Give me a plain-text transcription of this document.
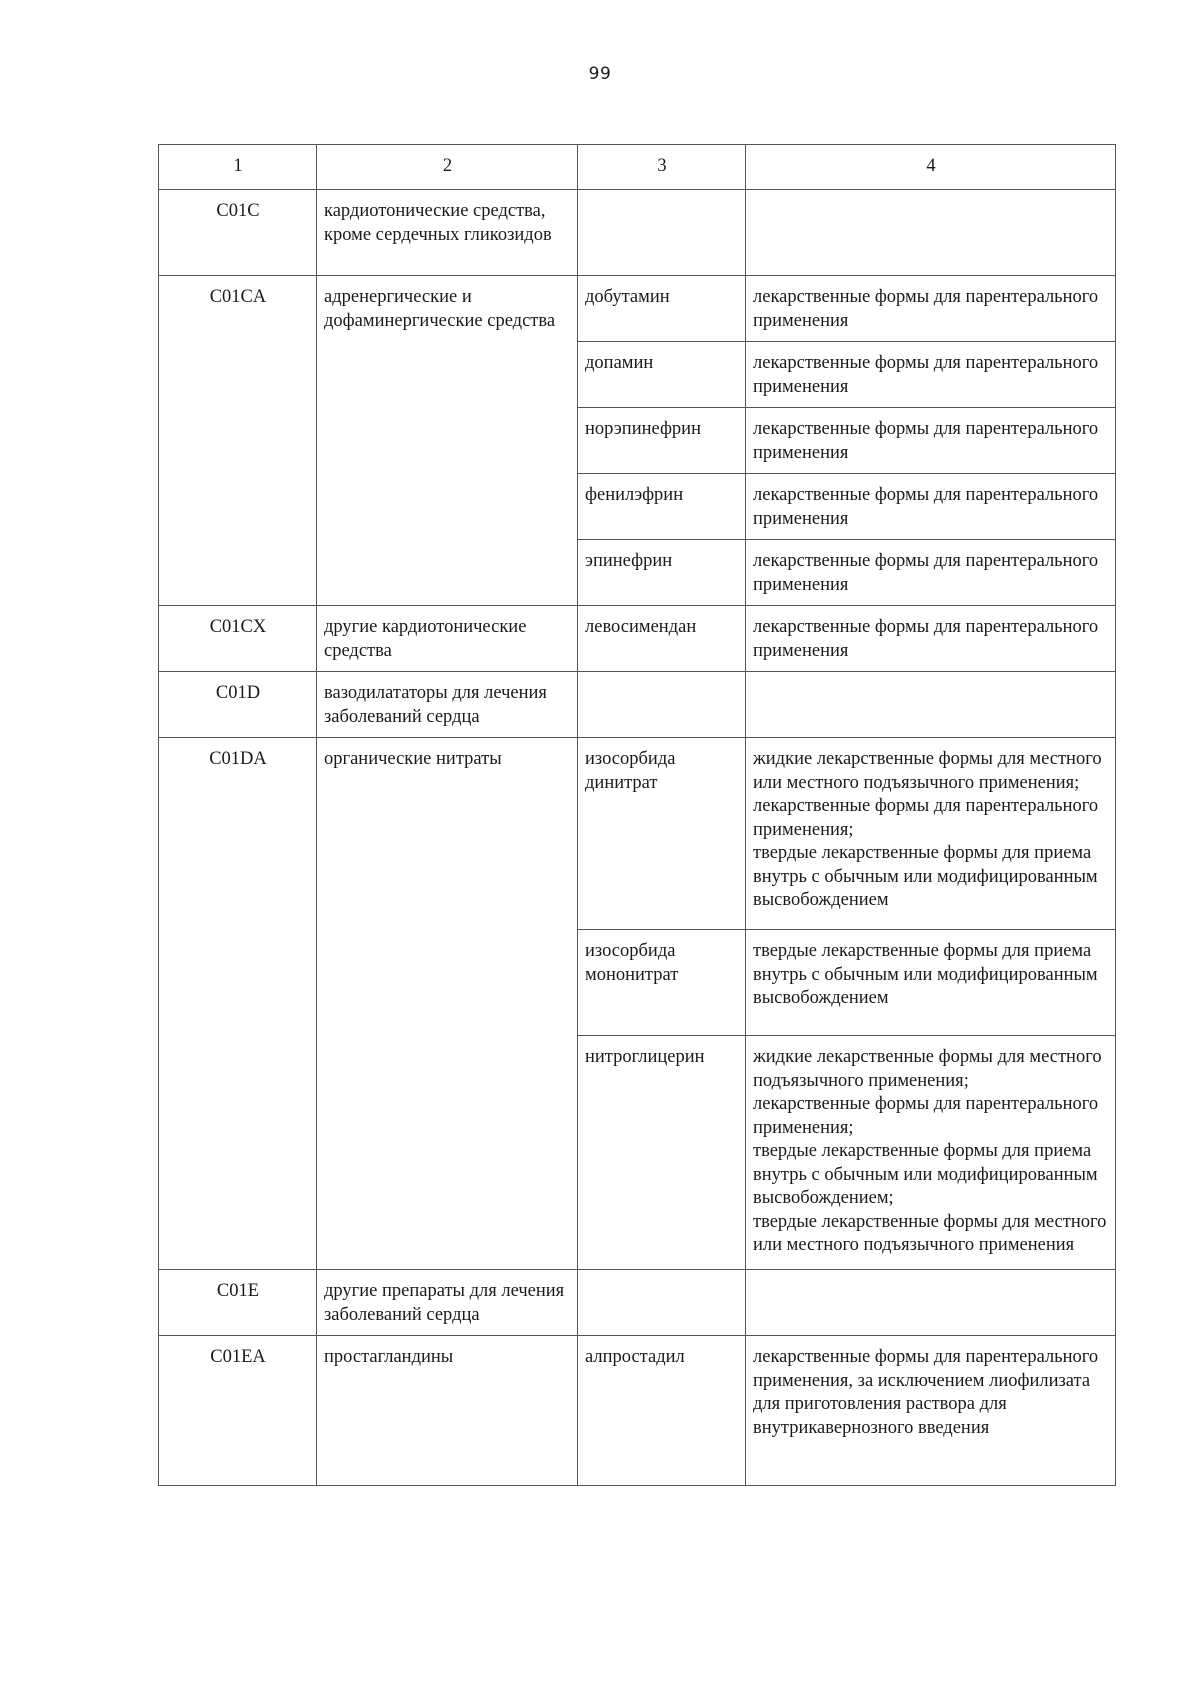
99
1	2	3	4
C01C	кардиотонические средства, кроме сердечных гликозидов		
C01CA	адренергические и дофаминергические средства	добутамин	лекарственные формы для парентерального применения
		допамин	лекарственные формы для парентерального применения
		норэпинефрин	лекарственные формы для парентерального применения
		фенилэфрин	лекарственные формы для парентерального применения
		эпинефрин	лекарственные формы для парентерального применения
C01CX	другие кардиотонические средства	левосимендан	лекарственные формы для парентерального применения
C01D	вазодилататоры для лечения заболеваний сердца		
C01DA	органические нитраты	изосорбида динитрат	жидкие лекарственные формы для местного или местного подъязычного применения;
лекарственные формы для парентерального применения;
твердые лекарственные формы для приема внутрь с обычным или модифицированным высвобождением
		изосорбида мононитрат	твердые лекарственные формы для приема внутрь с обычным или модифицированным высвобождением
		нитроглицерин	жидкие лекарственные формы для местного подъязычного применения;
лекарственные формы для парентерального применения;
твердые лекарственные формы для приема внутрь с обычным или модифицированным высвобождением;
твердые лекарственные формы для местного или местного подъязычного применения
C01E	другие препараты для лечения заболеваний сердца		
C01EA	простагландины	алпростадил	лекарственные формы для парентерального применения, за исключением лиофилизата для приготовления раствора для внутрикавернозного введения
